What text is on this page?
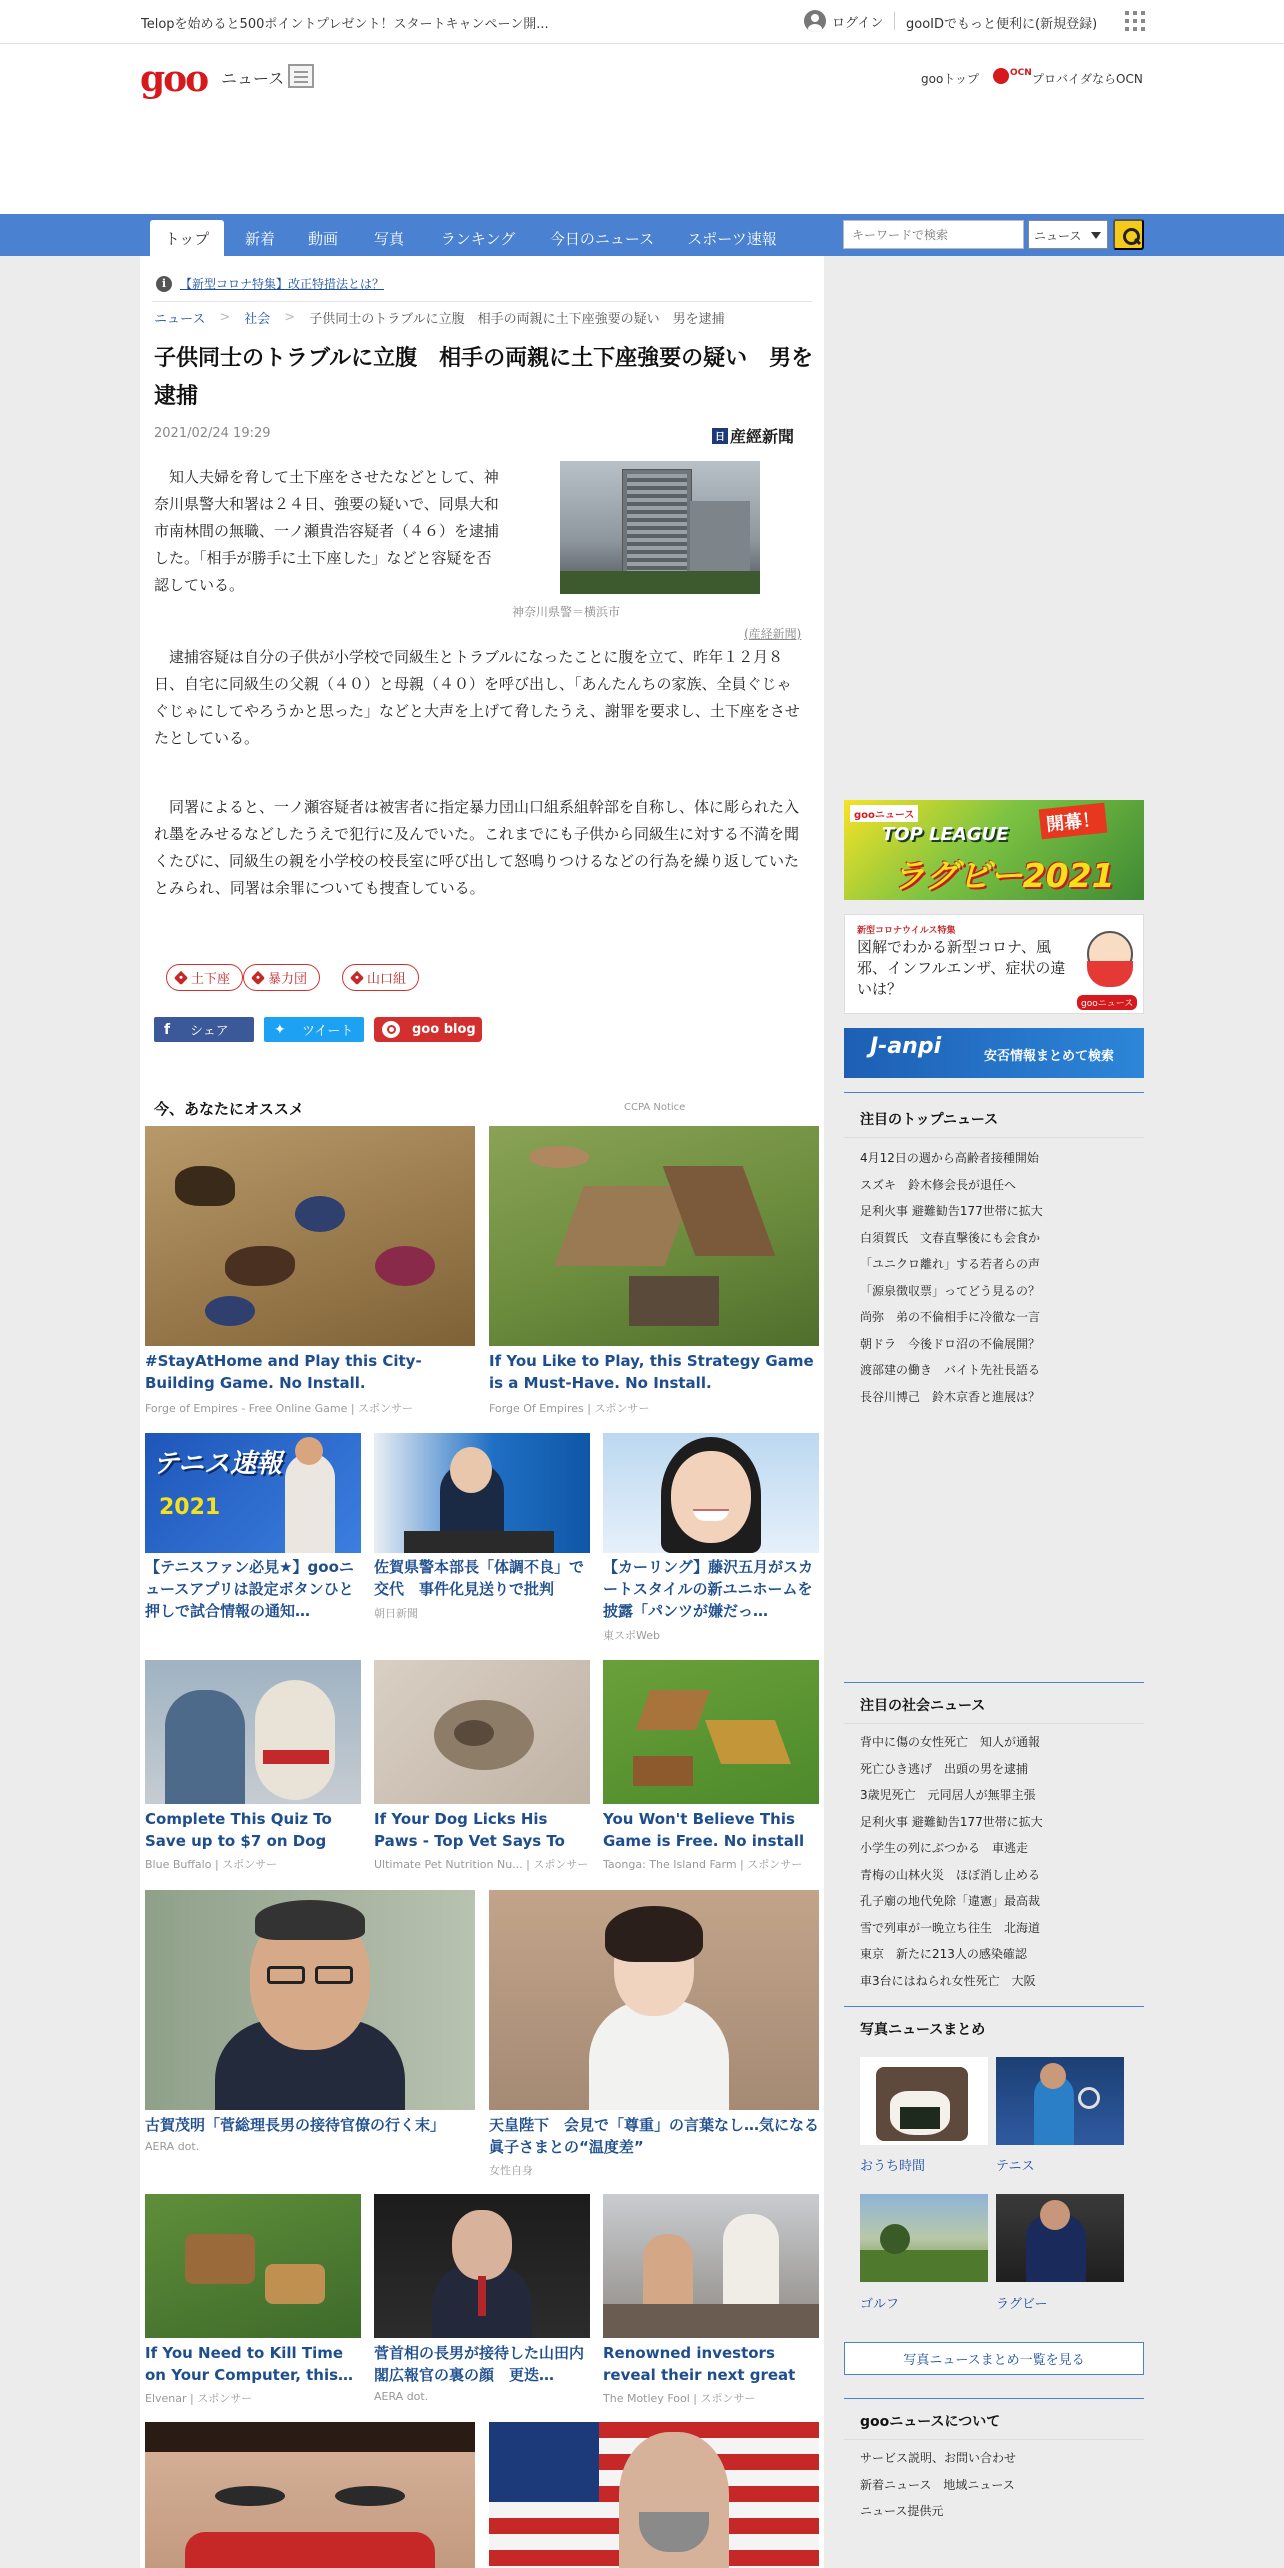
Telopを始めると500ポイントプレゼント！スタートキャンペーン開...	ログイン gooIDでもっと便利に(新規登録)
goo ニュース	gooトップ	OCN プロバイダならOCN
トップ	新着	動画	写真	ランキング	今日のニュース	スポーツ速報
キーワードで検索	ニュース
i	【新型コロナ特集】改正特措法とは？
ニュース > 社会 > 子供同士のトラブルに立腹　相手の両親に土下座強要の疑い　男を逮捕
子供同士のトラブルに立腹　相手の両親に土下座強要の疑い　男を逮捕
2021/02/24 19:29	日 産經新聞

知人夫婦を脅して土下座をさせたなどとして、神奈川県警大和署は２４日、強要の疑いで、同県大和市南林間の無職、一ノ瀬貴浩容疑者（４６）を逮捕した。「相手が勝手に土下座した」などと容疑を否認している。

神奈川県警＝横浜市
(産経新聞)

逮捕容疑は自分の子供が小学校で同級生とトラブルになったことに腹を立て、昨年１２月８日、自宅に同級生の父親（４０）と母親（４０）を呼び出し、「あんたんちの家族、全員ぐじゃぐじゃにしてやろうかと思った」などと大声を上げて脅したうえ、謝罪を要求し、土下座をさせたとしている。

同署によると、一ノ瀬容疑者は被害者に指定暴力団山口組系組幹部を自称し、体に彫られた入れ墨をみせるなどしたうえで犯行に及んでいた。これまでにも子供から同級生に対する不満を聞くたびに、同級生の親を小学校の校長室に呼び出して怒鳴りつけるなどの行為を繰り返していたとみられ、同署は余罪についても捜査している。

土下座	暴力団	山口組
f シェア	✦ ツイート	goo blog
今、あなたにオススメ	CCPA Notice
#StayAtHome and Play this City-Building Game. No Install.
Forge of Empires - Free Online Game | スポンサー
If You Like to Play, this Strategy Game is a Must-Have. No Install.
Forge Of Empires | スポンサー
テニス速報
2021
【テニスファン必見★】gooニュースアプリは設定ボタンひと押しで試合情報の通知…
佐賀県警本部長「体調不良」で交代　事件化見送りで批判
朝日新聞
【カーリング】藤沢五月がスカートスタイルの新ユニホームを披露「パンツが嫌だっ…
東スポWeb
Complete This Quiz To Save up to $7 on Dog
Blue Buffalo | スポンサー
If Your Dog Licks His Paws - Top Vet Says To
Ultimate Pet Nutrition Nu... | スポンサー
You Won't Believe This Game is Free. No install
Taonga: The Island Farm | スポンサー
古賀茂明「菅総理長男の接待官僚の行く末」
AERA dot.
天皇陛下　会見で「尊重」の言葉なし…気になる眞子さまとの“温度差”
女性自身
If You Need to Kill Time on Your Computer, this…
Elvenar | スポンサー
菅首相の長男が接待した山田内閣広報官の裏の顔　更迭…
AERA dot.
Renowned investors reveal their next great
The Motley Fool | スポンサー
gooニュース
TOP LEAGUE
ラグビー2021
開幕！
新型コロナウイルス特集
図解でわかる新型コロナ、風邪、インフルエンザ、症状の違いは？
gooニュース
J-anpi	安否情報まとめて検索
注目のトップニュース
4月12日の週から高齢者接種開始
スズキ　鈴木修会長が退任へ
足利火事 避難勧告177世帯に拡大
白須賀氏　文春直撃後にも会食か
「ユニクロ離れ」する若者らの声
「源泉徴収票」ってどう見るの？
尚弥　弟の不倫相手に冷徹な一言
朝ドラ　今後ドロ沼の不倫展開？
渡部建の働き　バイト先社長語る
長谷川博己　鈴木京香と進展は？
注目の社会ニュース
背中に傷の女性死亡　知人が通報
死亡ひき逃げ　出頭の男を逮捕
3歳児死亡　元同居人が無罪主張
足利火事 避難勧告177世帯に拡大
小学生の列にぶつかる　車逃走
青梅の山林火災　ほぼ消し止める
孔子廟の地代免除「違憲」最高裁
雪で列車が一晩立ち往生　北海道
東京　新たに213人の感染確認
車3台にはねられ女性死亡　大阪
写真ニュースまとめ
おうち時間	テニス
ゴルフ	ラグビー
写真ニュースまとめ一覧を見る
gooニュースについて
サービス説明、お問い合わせ
新着ニュース　地域ニュース
ニュース提供元
